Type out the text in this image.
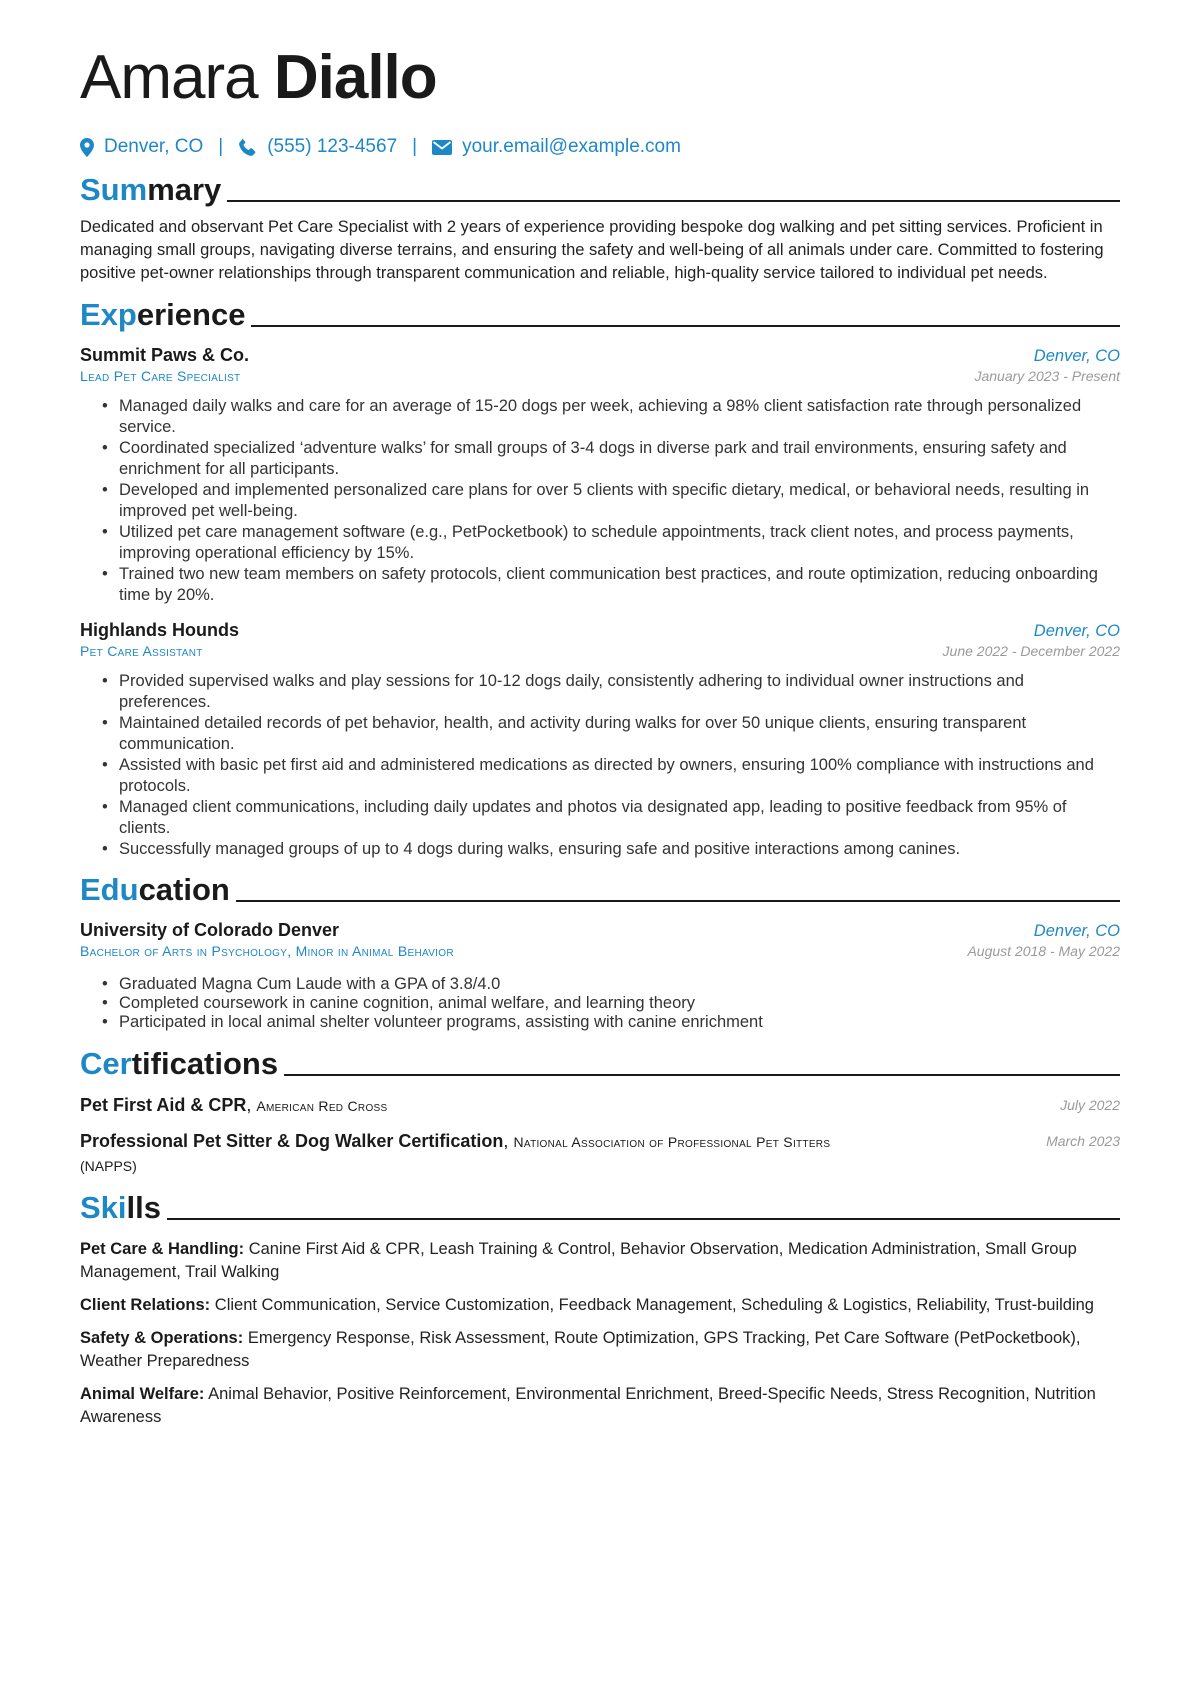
Amara Diallo
Denver, CO | (555) 123-4567 | your.email@example.com
Summary

Dedicated and observant Pet Care Specialist with 2 years of experience providing bespoke dog walking and pet sitting services. Proficient in managing small groups, navigating diverse terrains, and ensuring the safety and well-being of all animals under care. Committed to fostering positive pet-owner relationships through transparent communication and reliable, high-quality service tailored to individual pet needs.

Experience
Summit Paws & Co.	Denver, CO
Lead Pet Care Specialist	January 2023 - Present
• Managed daily walks and care for an average of 15-20 dogs per week, achieving a 98% client satisfaction rate through personalized service.
• Coordinated specialized ‘adventure walks’ for small groups of 3-4 dogs in diverse park and trail environments, ensuring safety and enrichment for all participants.
• Developed and implemented personalized care plans for over 5 clients with specific dietary, medical, or behavioral needs, resulting in improved pet well-being.
• Utilized pet care management software (e.g., PetPocketbook) to schedule appointments, track client notes, and process payments, improving operational efficiency by 15%.
• Trained two new team members on safety protocols, client communication best practices, and route optimization, reducing onboarding time by 20%.
Highlands Hounds	Denver, CO
Pet Care Assistant	June 2022 - December 2022
• Provided supervised walks and play sessions for 10-12 dogs daily, consistently adhering to individual owner instructions and preferences.
• Maintained detailed records of pet behavior, health, and activity during walks for over 50 unique clients, ensuring transparent communication.
• Assisted with basic pet first aid and administered medications as directed by owners, ensuring 100% compliance with instructions and protocols.
• Managed client communications, including daily updates and photos via designated app, leading to positive feedback from 95% of clients.
• Successfully managed groups of up to 4 dogs during walks, ensuring safe and positive interactions among canines.
Education
University of Colorado Denver	Denver, CO
Bachelor of Arts in Psychology, Minor in Animal Behavior	August 2018 - May 2022
• Graduated Magna Cum Laude with a GPA of 3.8/4.0
• Completed coursework in canine cognition, animal welfare, and learning theory
• Participated in local animal shelter volunteer programs, assisting with canine enrichment
Certifications
Pet First Aid & CPR, American Red Cross	July 2022
Professional Pet Sitter & Dog Walker Certification, National Association of Professional Pet Sitters
(NAPPS)
March 2023
Skills

Pet Care & Handling: Canine First Aid & CPR, Leash Training & Control, Behavior Observation, Medication Administration, Small Group Management, Trail Walking

Client Relations: Client Communication, Service Customization, Feedback Management, Scheduling & Logistics, Reliability, Trust-building

Safety & Operations: Emergency Response, Risk Assessment, Route Optimization, GPS Tracking, Pet Care Software (PetPocketbook), Weather Preparedness

Animal Welfare: Animal Behavior, Positive Reinforcement, Environmental Enrichment, Breed-Specific Needs, Stress Recognition, Nutrition Awareness
